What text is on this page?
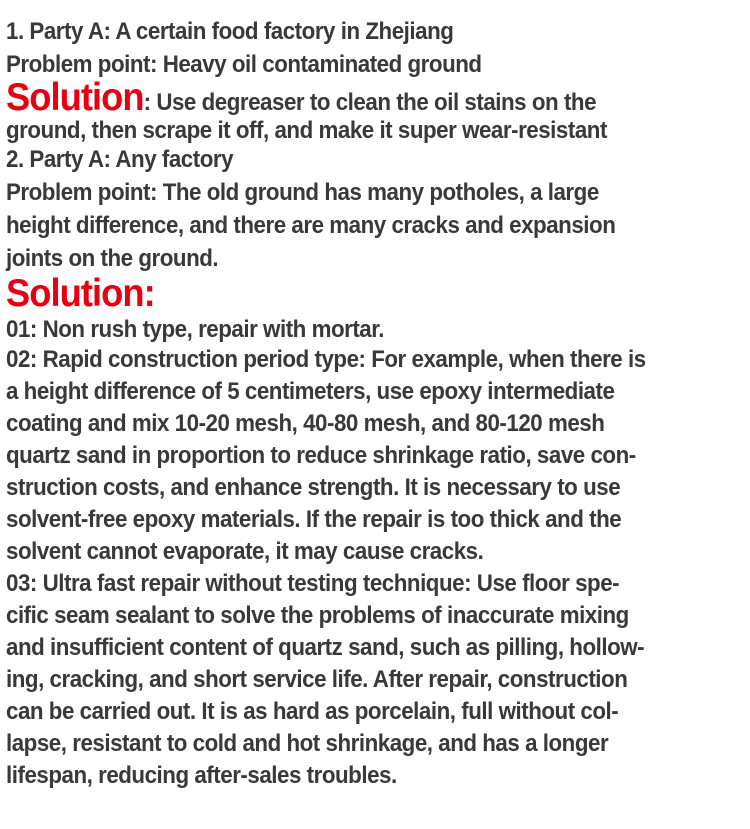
1. Party A: A certain food factory in Zhejiang
Problem point: Heavy oil contaminated ground
Solution: Use degreaser to clean the oil stains on the
ground, then scrape it off, and make it super wear-resistant
2. Party A: Any factory
Problem point: The old ground has many potholes, a large
height difference, and there are many cracks and expansion
joints on the ground.
Solution:
01: Non rush type, repair with mortar.
02: Rapid construction period type: For example, when there is
a height difference of 5 centimeters, use epoxy intermediate
coating and mix 10-20 mesh, 40-80 mesh, and 80-120 mesh
quartz sand in proportion to reduce shrinkage ratio, save con-
struction costs, and enhance strength. It is necessary to use
solvent-free epoxy materials. If the repair is too thick and the
solvent cannot evaporate, it may cause cracks.
03: Ultra fast repair without testing technique: Use floor spe-
cific seam sealant to solve the problems of inaccurate mixing
and insufficient content of quartz sand, such as pilling, hollow-
ing, cracking, and short service life. After repair, construction
can be carried out. It is as hard as porcelain, full without col-
lapse, resistant to cold and hot shrinkage, and has a longer
lifespan, reducing after-sales troubles.
